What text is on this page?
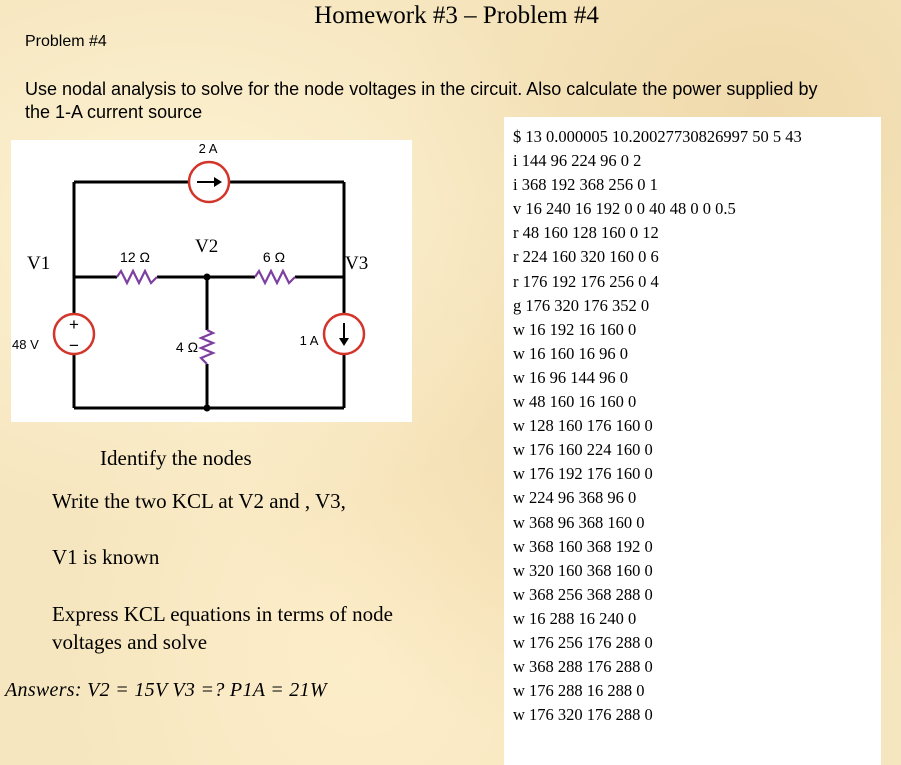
Homework #3 – Problem #4
Problem #4
Use nodal analysis to solve for the node voltages in the circuit. Also calculate the power supplied by the 1-A current source
+
−
2 A
12 Ω	6 Ω
4 Ω	1 A
48 V
V1
V2
V3
Identify the nodes
Write the two KCL at V2 and , V3,
V1 is known
Express KCL equations in terms of node voltages and solve
Answers: V2 = 15V V3 =? P1A = 21W
$ 13 0.000005 10.20027730826997 50 5 43
i 144 96 224 96 0 2
i 368 192 368 256 0 1
v 16 240 16 192 0 0 40 48 0 0 0.5
r 48 160 128 160 0 12
r 224 160 320 160 0 6
r 176 192 176 256 0 4
g 176 320 176 352 0
w 16 192 16 160 0
w 16 160 16 96 0
w 16 96 144 96 0
w 48 160 16 160 0
w 128 160 176 160 0
w 176 160 224 160 0
w 176 192 176 160 0
w 224 96 368 96 0
w 368 96 368 160 0
w 368 160 368 192 0
w 320 160 368 160 0
w 368 256 368 288 0
w 16 288 16 240 0
w 176 256 176 288 0
w 368 288 176 288 0
w 176 288 16 288 0
w 176 320 176 288 0
